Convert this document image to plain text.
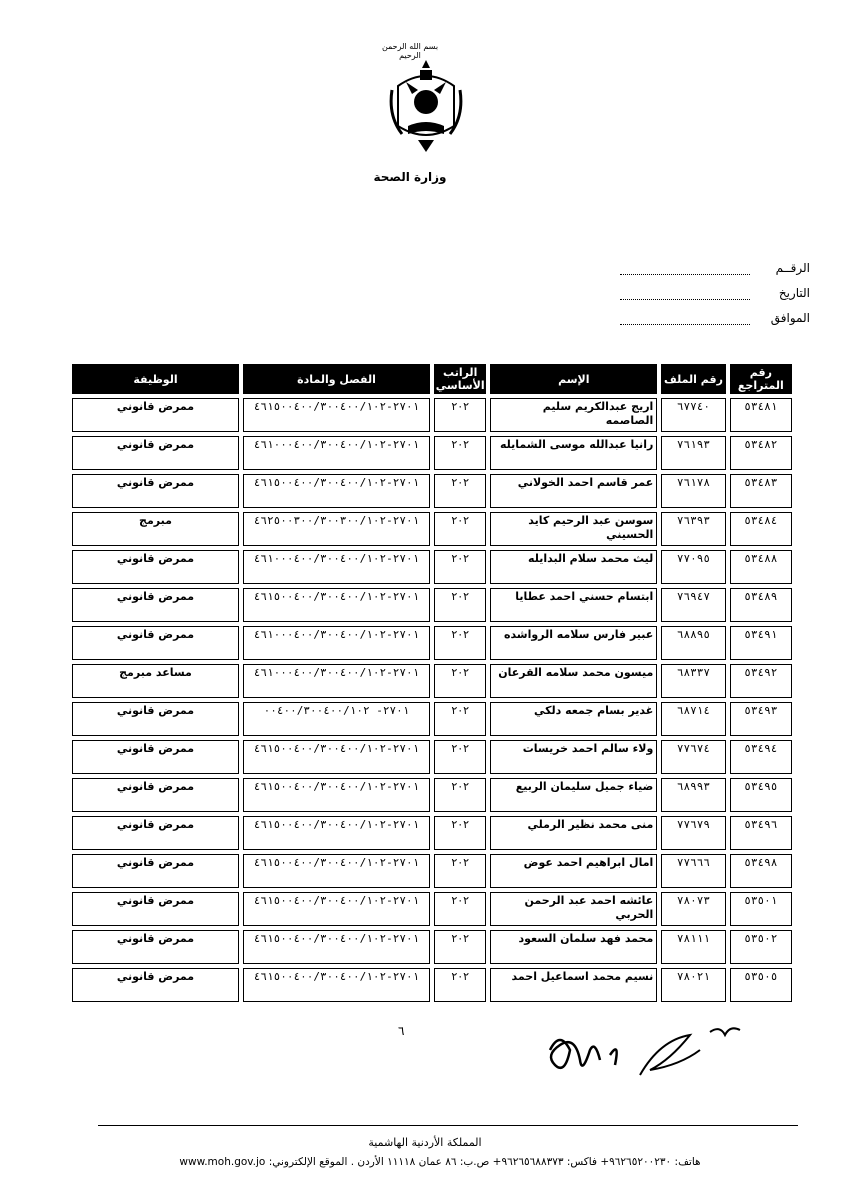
بسم الله الرحمن الرحيم
وزارة الصحة
الرقــم
التاريخ
الموافق
رقم المتراجع	رقم الملف	الإسم	الراتب الأساسي	الفصل والمادة	الوظيفة
٥٣٤٨١	٦٧٧٤٠	اريج عبدالكريم سليم الصاصمه	٢٠٢	٢٧٠١-٤٦١٥٠٠٤٠٠/٣٠٠٤٠٠/١٠٢	ممرض قانوني
٥٣٤٨٢	٧٦١٩٣	رانيا عبدالله موسى الشمايله	٢٠٢	٢٧٠١-٤٦١٠٠٠٤٠٠/٣٠٠٤٠٠/١٠٢	ممرض قانوني
٥٣٤٨٣	٧٦١٧٨	عمر قاسم احمد الخولاني	٢٠٢	٢٧٠١-٤٦١٥٠٠٤٠٠/٣٠٠٤٠٠/١٠٢	ممرض قانوني
٥٣٤٨٤	٧٦٣٩٣	سوسن عبد الرحيم كايد الحسيني	٢٠٢	٢٧٠١-٤٦٢٥٠٠٣٠٠/٣٠٠٣٠٠/١٠٢	مبرمج
٥٣٤٨٨	٧٧٠٩٥	ليث محمد سلام البدايله	٢٠٢	٢٧٠١-٤٦١٠٠٠٤٠٠/٣٠٠٤٠٠/١٠٢	ممرض قانوني
٥٣٤٨٩	٧٦٩٤٧	ابتسام حسني احمد عطايا	٢٠٢	٢٧٠١-٤٦١٥٠٠٤٠٠/٣٠٠٤٠٠/١٠٢	ممرض قانوني
٥٣٤٩١	٦٨٨٩٥	عبير فارس سلامه الرواشده	٢٠٢	٢٧٠١-٤٦١٠٠٠٤٠٠/٣٠٠٤٠٠/١٠٢	ممرض قانوني
٥٣٤٩٢	٦٨٣٣٧	ميسون محمد سلامه القرعان	٢٠٢	٢٧٠١-٤٦١٠٠٠٤٠٠/٣٠٠٤٠٠/١٠٢	مساعد مبرمج
٥٣٤٩٣	٦٨٧١٤	غدير بسام جمعه دلكي	٢٠٢	٢٧٠١- ٠٠٤٠٠/٣٠٠٤٠٠/١٠٢	ممرض قانوني
٥٣٤٩٤	٧٧٦٧٤	ولاء سالم احمد خريسات	٢٠٢	٢٧٠١-٤٦١٥٠٠٤٠٠/٣٠٠٤٠٠/١٠٢	ممرض قانوني
٥٣٤٩٥	٦٨٩٩٣	ضياء جميل سليمان الربيع	٢٠٢	٢٧٠١-٤٦١٥٠٠٤٠٠/٣٠٠٤٠٠/١٠٢	ممرض قانوني
٥٣٤٩٦	٧٧٦٧٩	منى محمد نظير الرملي	٢٠٢	٢٧٠١-٤٦١٥٠٠٤٠٠/٣٠٠٤٠٠/١٠٢	ممرض قانوني
٥٣٤٩٨	٧٧٦٦٦	امال ابراهيم احمد عوض	٢٠٢	٢٧٠١-٤٦١٥٠٠٤٠٠/٣٠٠٤٠٠/١٠٢	ممرض قانوني
٥٣٥٠١	٧٨٠٧٣	عائشه احمد عبد الرحمن الحربي	٢٠٢	٢٧٠١-٤٦١٥٠٠٤٠٠/٣٠٠٤٠٠/١٠٢	ممرض قانوني
٥٣٥٠٢	٧٨١١١	محمد فهد سلمان السعود	٢٠٢	٢٧٠١-٤٦١٥٠٠٤٠٠/٣٠٠٤٠٠/١٠٢	ممرض قانوني
٥٣٥٠٥	٧٨٠٢١	نسيم محمد اسماعيل احمد	٢٠٢	٢٧٠١-٤٦١٥٠٠٤٠٠/٣٠٠٤٠٠/١٠٢	ممرض قانوني
٦
المملكة الأردنية الهاشمية
هاتف: ٩٦٢٦٥٢٠٠٢٣٠+ فاكس: ٩٦٢٦٥٦٨٨٣٧٣+ ص.ب: ٨٦ عمان ١١١١٨ الأردن . الموقع الإلكتروني: www.moh.gov.jo
